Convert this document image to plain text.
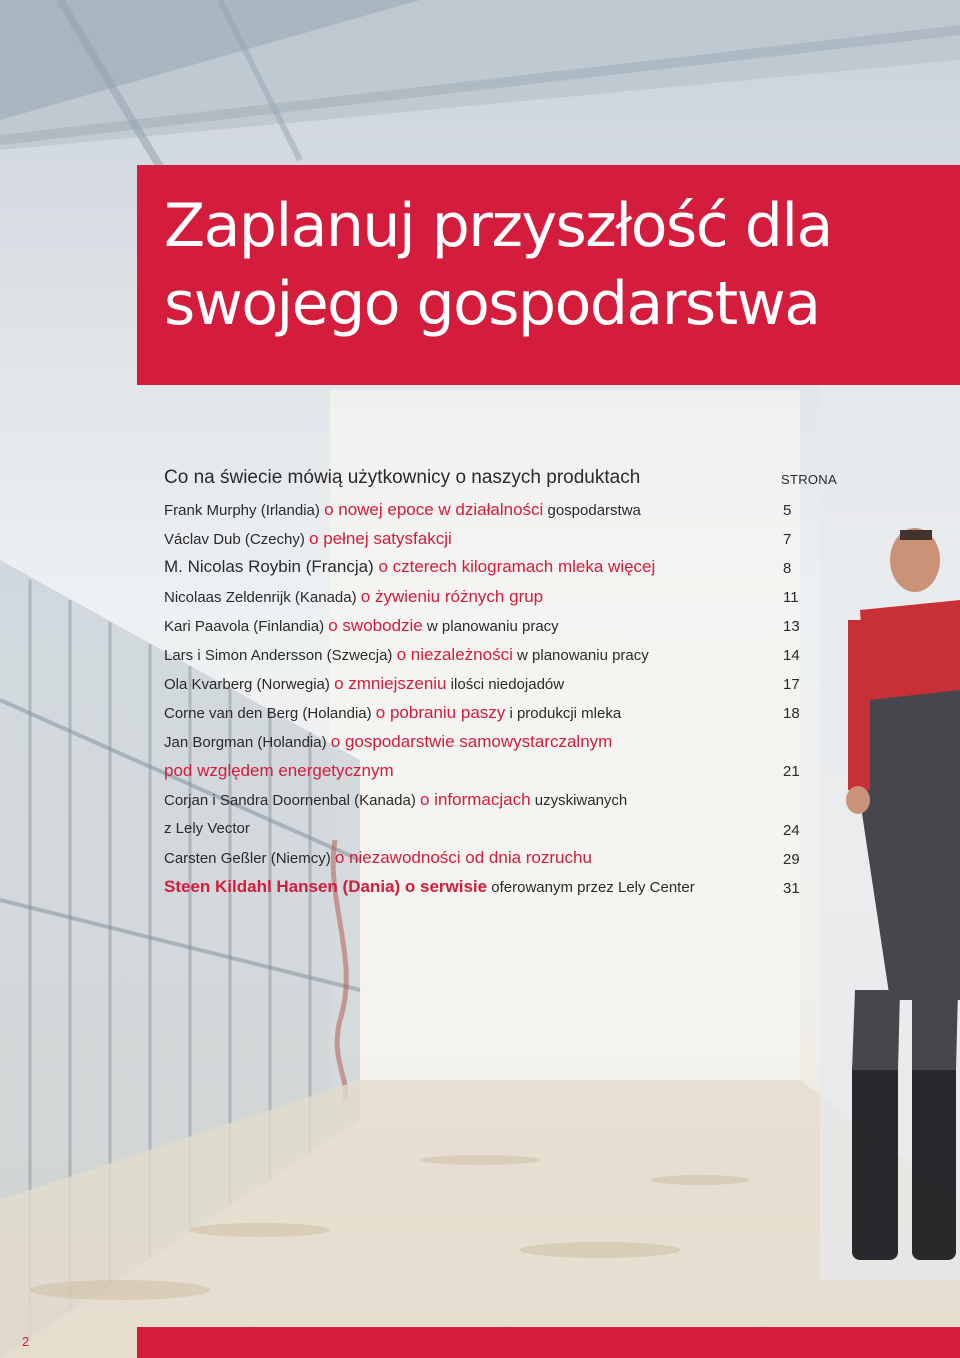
Zaplanuj przyszłość dla swojego gospodarstwa
Co na świecie mówią użytkownicy o naszych produktach	STRONA
Frank Murphy (Irlandia) o nowej epoce w działalności gospodarstwa	5
Václav Dub (Czechy) o pełnej satysfakcji	7
M. Nicolas Roybin (Francja) o czterech kilogramach mleka więcej	8
Nicolaas Zeldenrijk (Kanada) o żywieniu różnych grup	11
Kari Paavola (Finlandia) o swobodzie w planowaniu pracy	13
Lars i Simon Andersson (Szwecja) o niezależności w planowaniu pracy	14
Ola Kvarberg (Norwegia) o zmniejszeniu ilości niedojadów	17
Corne van den Berg (Holandia) o pobraniu paszy i produkcji mleka	18
Jan Borgman (Holandia) o gospodarstwie samowystarczalnym
pod względem energetycznym	21
Corjan i Sandra Doornenbal (Kanada) o informacjach uzyskiwanych
z Lely Vector	24
Carsten Geßler (Niemcy) o niezawodności od dnia rozruchu	29
Steen Kildahl Hansen (Dania) o serwisie oferowanym przez Lely Center	31
2
